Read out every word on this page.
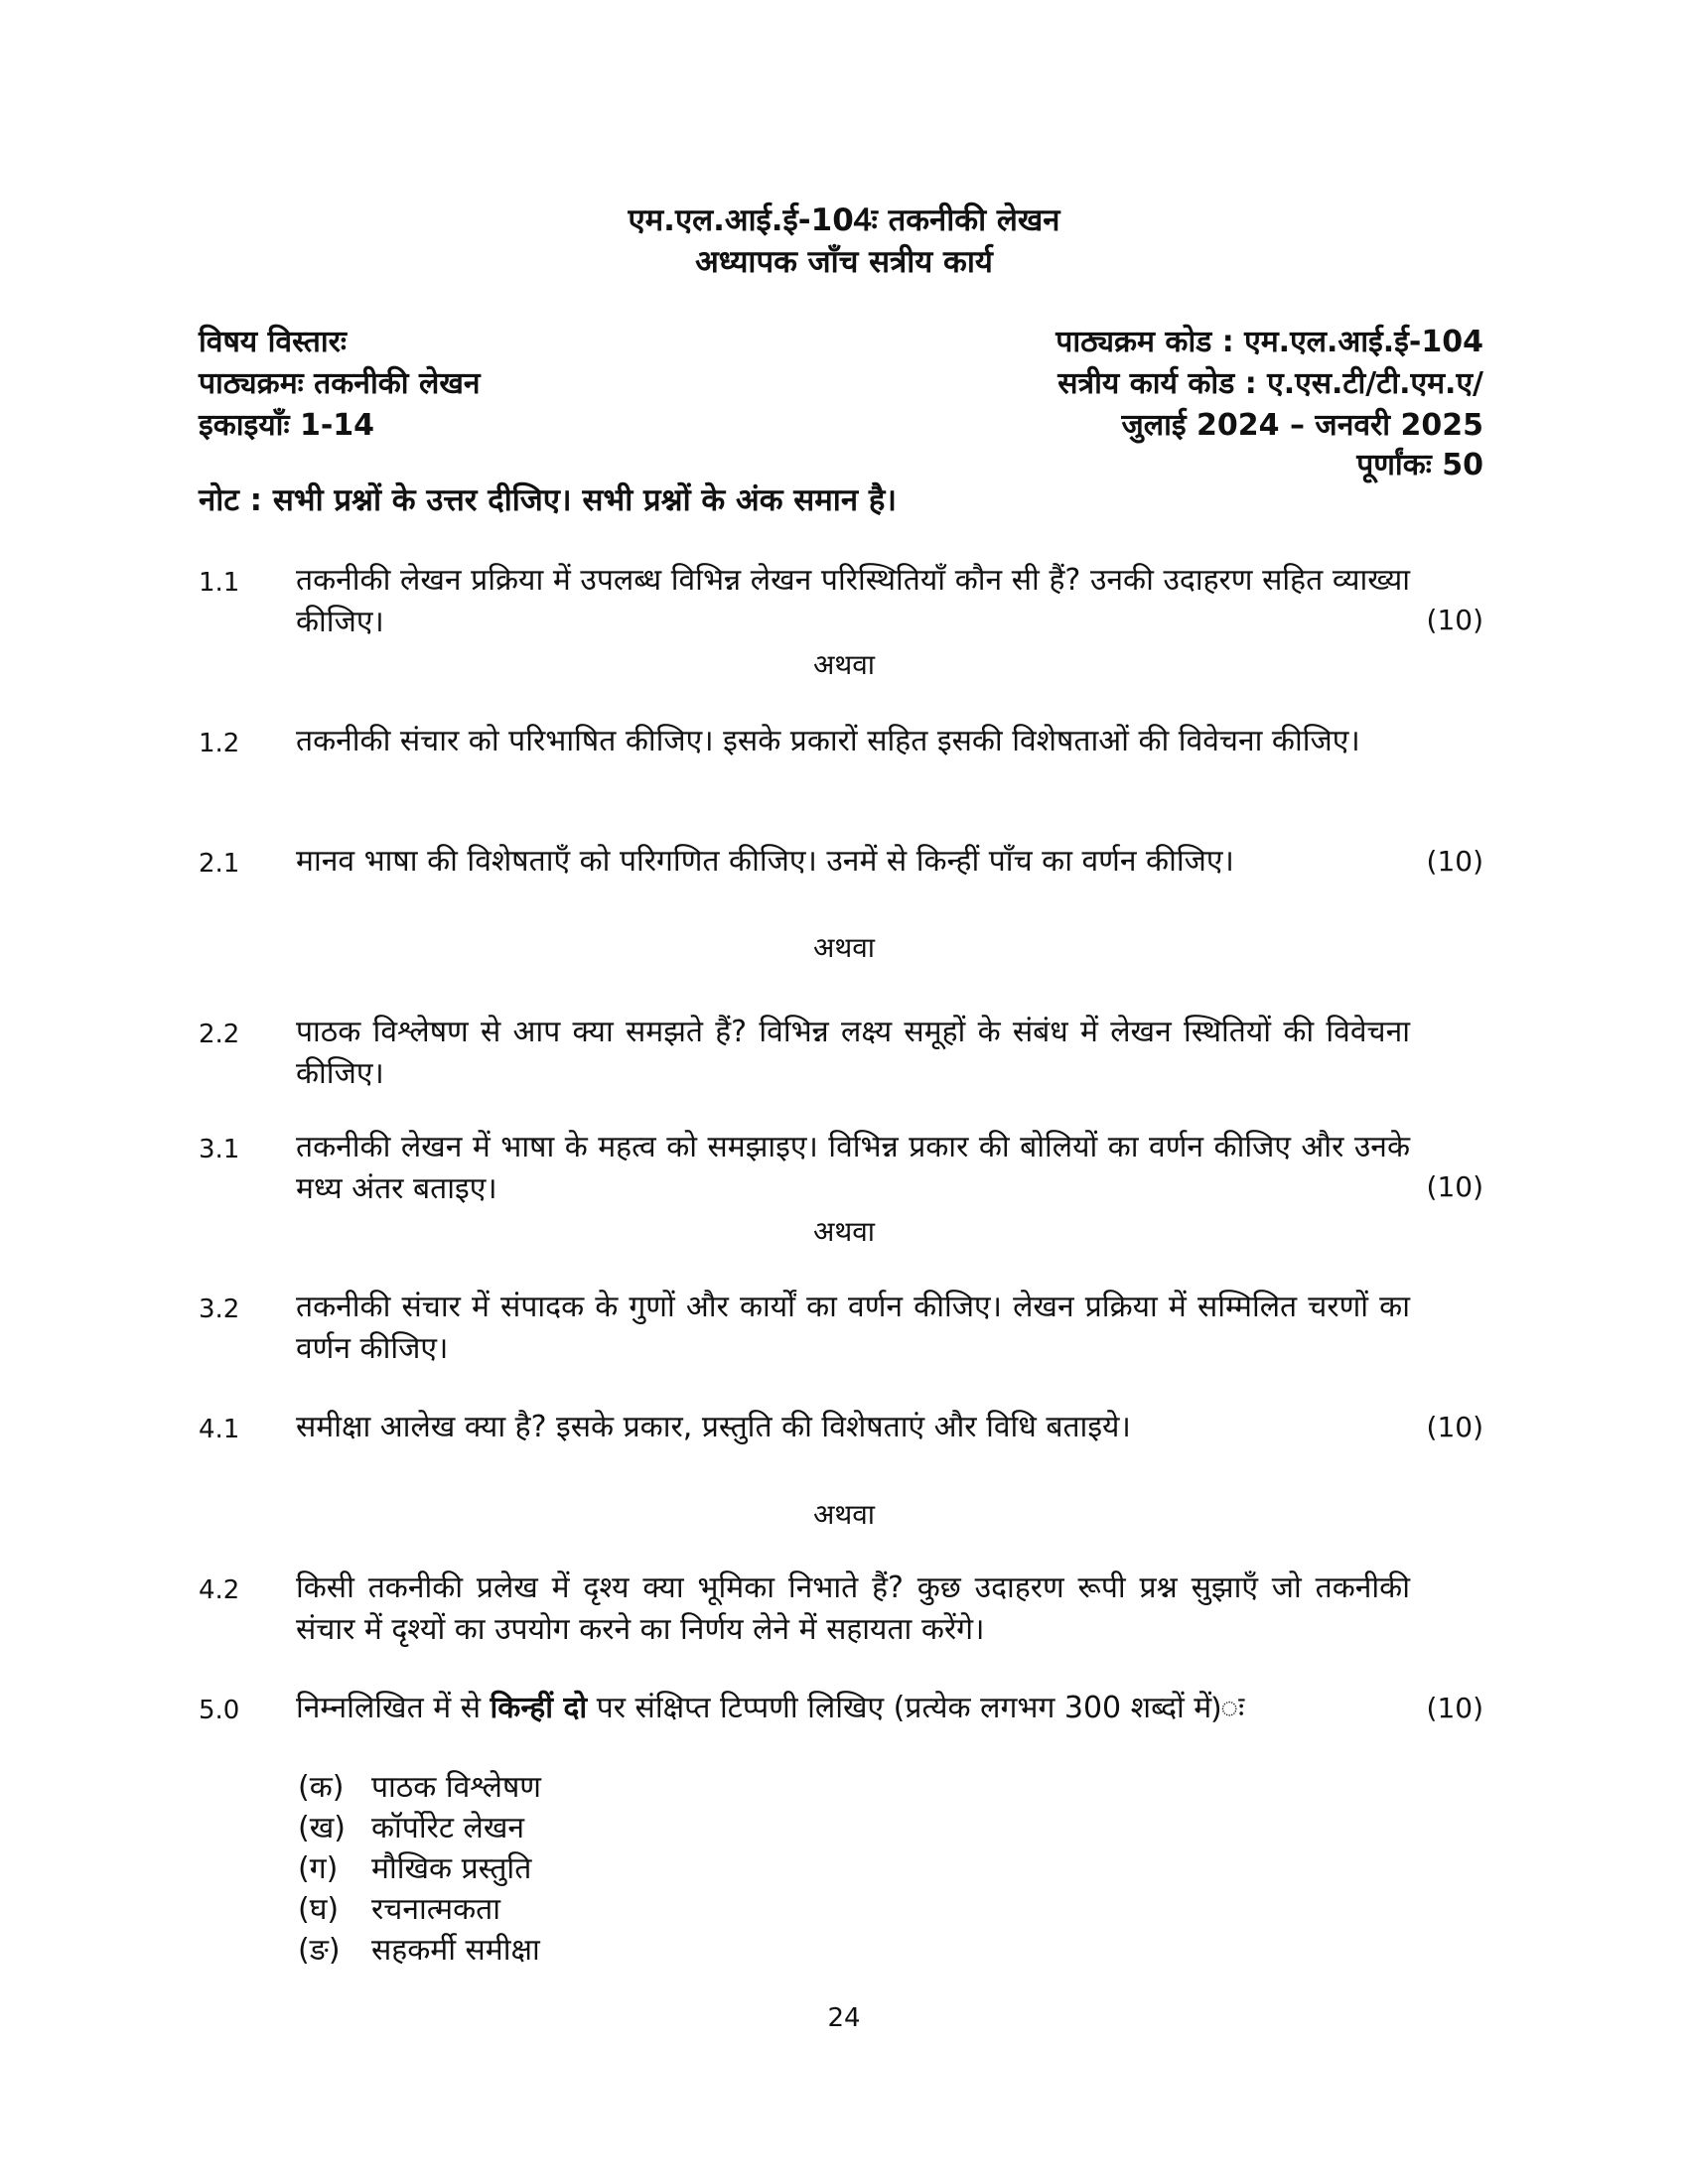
एम.एल.आई.ई-104ः तकनीकी लेखन
अध्यापक जाँच सत्रीय कार्य
विषय विस्तारः
पाठ्यक्रमः तकनीकी लेखन
इकाइयाँः 1-14
पाठ्यक्रम कोड : एम.एल.आई.ई-104
सत्रीय कार्य कोड : ए.एस.टी/टी.एम.ए/
जुलाई 2024 – जनवरी 2025
पूर्णांकः 50
नोट : सभी प्रश्नों के उत्तर दीजिए। सभी प्रश्नों के अंक समान है।
1.1 तकनीकी लेखन प्रक्रिया में उपलब्ध विभिन्न लेखन परिस्थितियाँ कौन सी हैं? उनकी उदाहरण सहित व्याख्या कीजिए।	(10)
अथवा
1.2 तकनीकी संचार को परिभाषित कीजिए। इसके प्रकारों सहित इसकी विशेषताओं की विवेचना कीजिए।
2.1 मानव भाषा की विशेषताएँ को परिगणित कीजिए। उनमें से किन्हीं पाँच का वर्णन कीजिए।	(10)
अथवा
2.2 पाठक विश्लेषण से आप क्या समझते हैं? विभिन्न लक्ष्य समूहों के संबंध में लेखन स्थितियों की विवेचना कीजिए।
3.1 तकनीकी लेखन में भाषा के महत्व को समझाइए। विभिन्न प्रकार की बोलियों का वर्णन कीजिए और उनके मध्य अंतर बताइए।	(10)
अथवा
3.2 तकनीकी संचार में संपादक के गुणों और कार्यों का वर्णन कीजिए। लेखन प्रक्रिया में सम्मिलित चरणों का वर्णन कीजिए।
4.1 समीक्षा आलेख क्या है? इसके प्रकार, प्रस्तुति की विशेषताएं और विधि बताइये।	(10)
अथवा
4.2 किसी तकनीकी प्रलेख में दृश्य क्या भूमिका निभाते हैं? कुछ उदाहरण रूपी प्रश्न सुझाएँ जो तकनीकी संचार में दृश्यों का उपयोग करने का निर्णय लेने में सहायता करेंगे।
5.0 निम्नलिखित में से किन्हीं दो पर संक्षिप्त टिप्पणी लिखिए (प्रत्येक लगभग 300 शब्दों में)ः	(10)
(क) पाठक विश्लेषण
(ख) कॉर्पोरेट लेखन
(ग)	मौखिक प्रस्तुति
(घ)	रचनात्मकता
(ङ)	सहकर्मी समीक्षा
24
